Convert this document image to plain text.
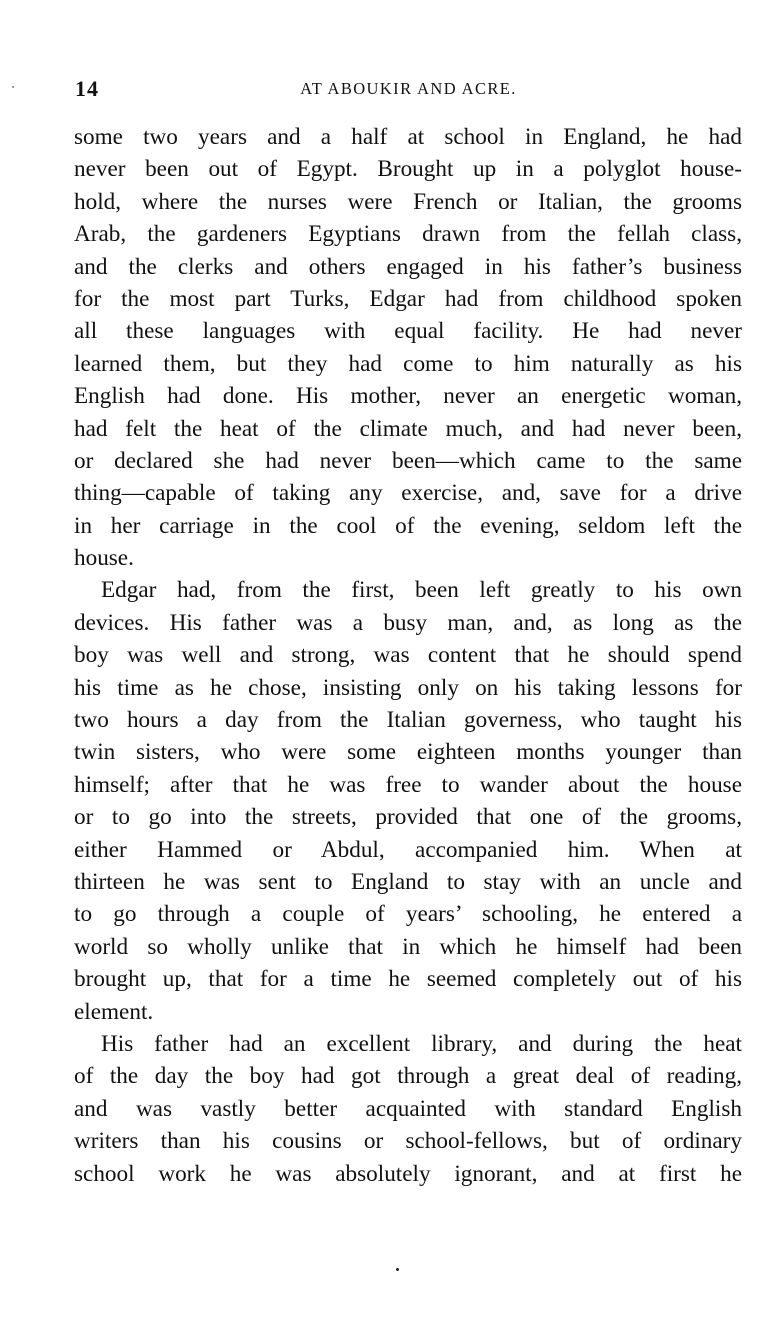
14	AT ABOUKIR AND ACRE.
some two years and a half at school in England, he had
never been out of Egypt. Brought up in a polyglot house-
hold, where the nurses were French or Italian, the grooms
Arab, the gardeners Egyptians drawn from the fellah class,
and the clerks and others engaged in his father’s business
for the most part Turks, Edgar had from childhood spoken
all these languages with equal facility. He had never
learned them, but they had come to him naturally as his
English had done. His mother, never an energetic woman,
had felt the heat of the climate much, and had never been,
or declared she had never been—which came to the same
thing—capable of taking any exercise, and, save for a drive
in her carriage in the cool of the evening, seldom left the
house.
Edgar had, from the first, been left greatly to his own
devices. His father was a busy man, and, as long as the
boy was well and strong, was content that he should spend
his time as he chose, insisting only on his taking lessons for
two hours a day from the Italian governess, who taught his
twin sisters, who were some eighteen months younger than
himself; after that he was free to wander about the house
or to go into the streets, provided that one of the grooms,
either Hammed or Abdul, accompanied him. When at
thirteen he was sent to England to stay with an uncle and
to go through a couple of years’ schooling, he entered a
world so wholly unlike that in which he himself had been
brought up, that for a time he seemed completely out of his
element.
His father had an excellent library, and during the heat
of the day the boy had got through a great deal of reading,
and was vastly better acquainted with standard English
writers than his cousins or school-fellows, but of ordinary
school work he was absolutely ignorant, and at first he
